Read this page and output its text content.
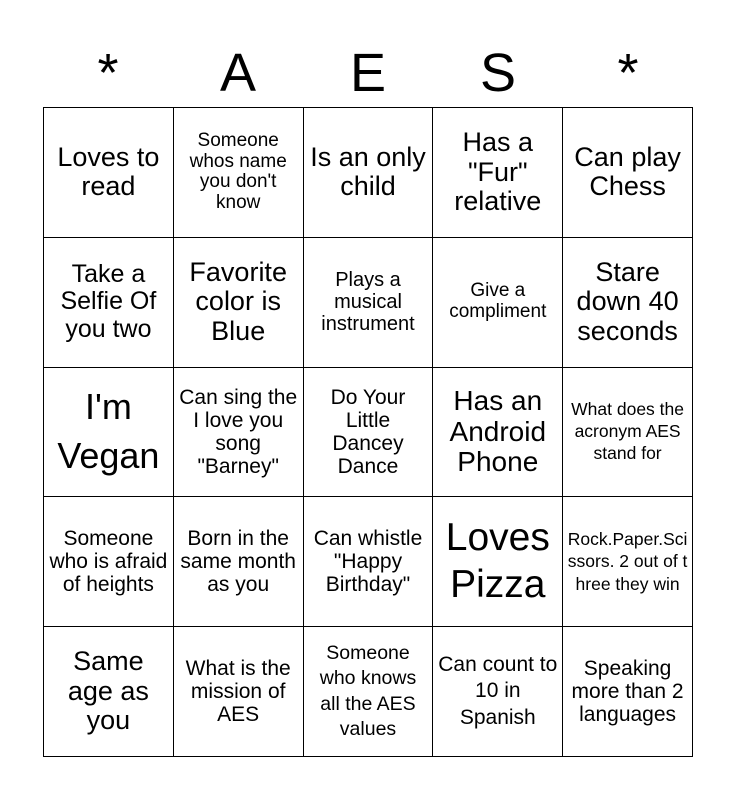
*	A	E	S	*
Loves to read	Someone whos name you don't know	Is an only child	Has a "Fur" relative	Can play Chess
Take a Selfie Of you two	Favorite color is Blue	Plays a musical instrument	Give a compliment	Stare down 40 seconds
I'm Vegan	Can sing the I love you song "Barney"	Do Your Little Dancey Dance	Has an Android Phone	What does the acronym AES stand for
Someone who is afraid of heights	Born in the same month as you	Can whistle "Happy Birthday"	Loves Pizza	Rock.Paper.Scissors. 2 out of three they win
Same age as you	What is the mission of AES	Someone who knows all the AES values	Can count to 10 in Spanish	Speaking more than 2 languages
